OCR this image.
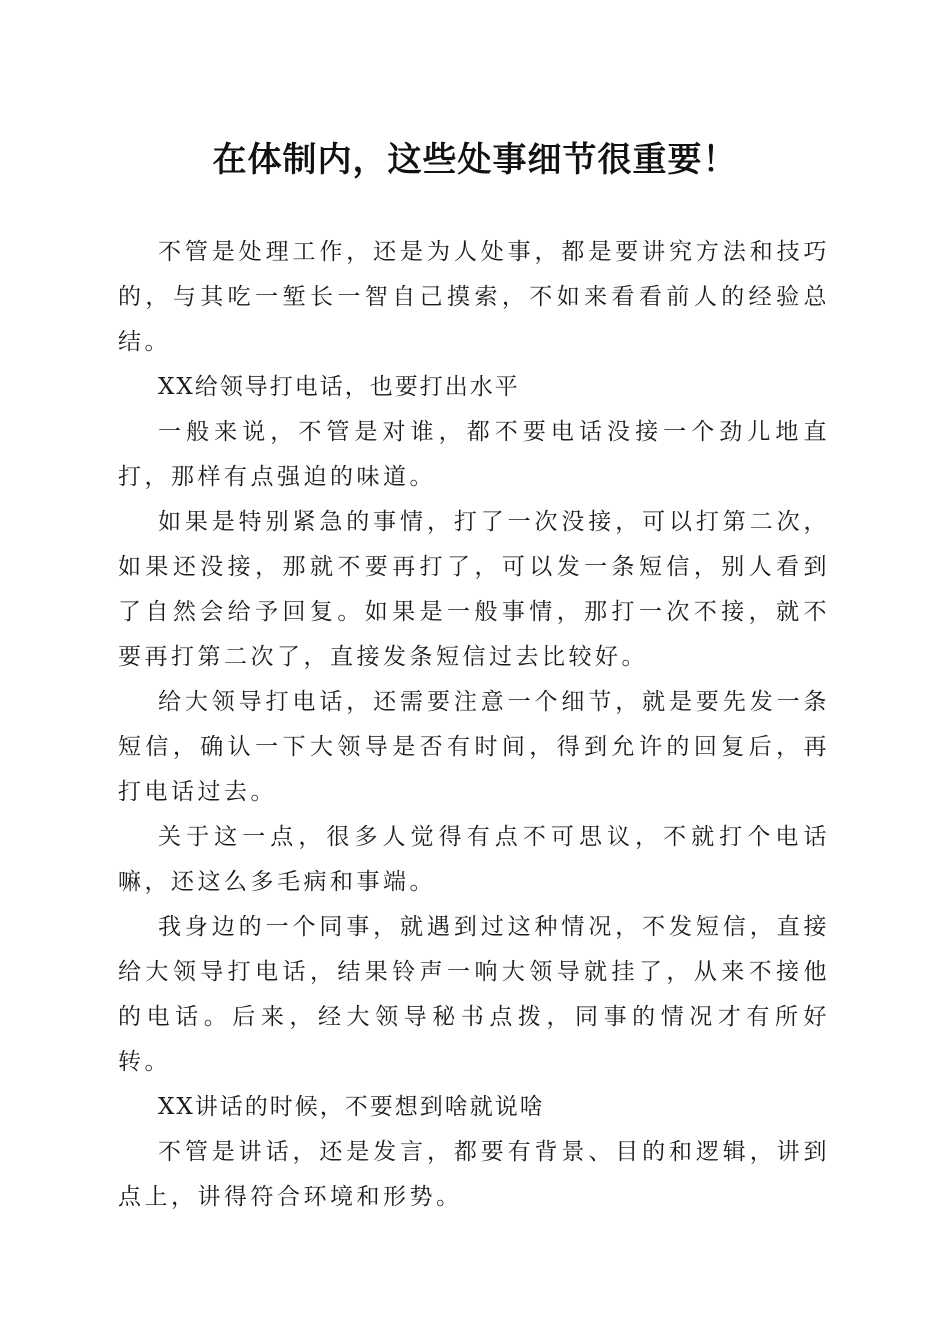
在体制内，这些处事细节很重要！

不管是处理工作，还是为人处事，都是要讲究方法和技巧的，与其吃一堑长一智自己摸索，不如来看看前人的经验总结。

XX给领导打电话，也要打出水平

一般来说，不管是对谁，都不要电话没接一个劲儿地直打，那样有点强迫的味道。

如果是特别紧急的事情，打了一次没接，可以打第二次，如果还没接，那就不要再打了，可以发一条短信，别人看到了自然会给予回复。如果是一般事情，那打一次不接，就不要再打第二次了，直接发条短信过去比较好。

给大领导打电话，还需要注意一个细节，就是要先发一条短信，确认一下大领导是否有时间，得到允许的回复后，再打电话过去。

关于这一点，很多人觉得有点不可思议，不就打个电话嘛，还这么多毛病和事端。

我身边的一个同事，就遇到过这种情况，不发短信，直接给大领导打电话，结果铃声一响大领导就挂了，从来不接他的电话。后来，经大领导秘书点拨，同事的情况才有所好转。

XX讲话的时候，不要想到啥就说啥

不管是讲话，还是发言，都要有背景、目的和逻辑，讲到点上，讲得符合环境和形势。
